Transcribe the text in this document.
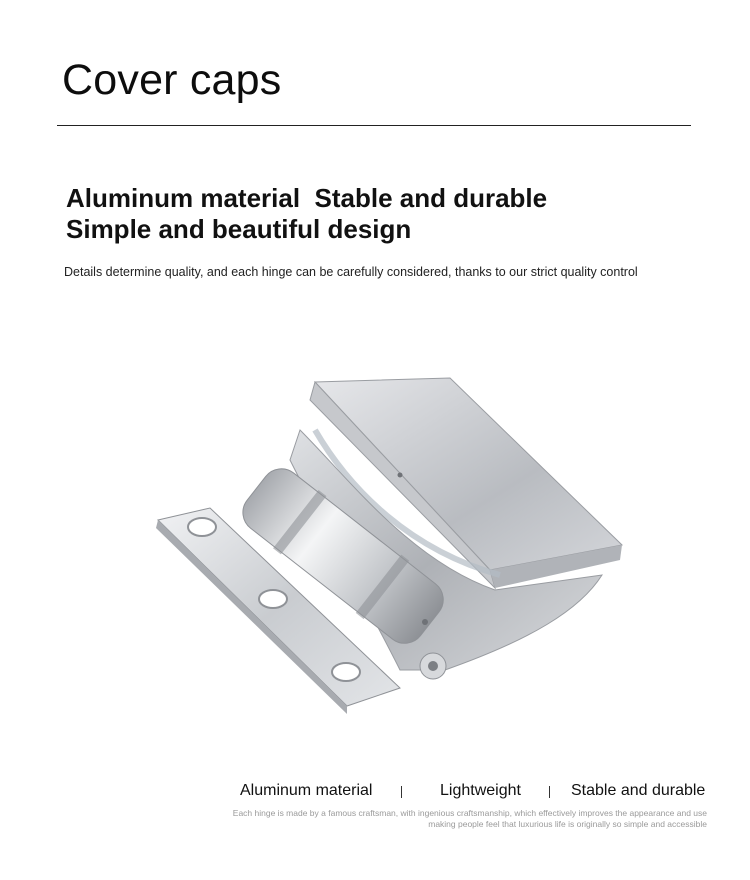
Cover caps
Aluminum material  Stable and durable
Simple and beautiful design

Details determine quality, and each hinge can be carefully considered, thanks to our strict quality control

Aluminum material	Lightweight	Stable and durable

Each hinge is made by a famous craftsman, with ingenious craftsmanship, which effectively improves the appearance and use

making people feel that luxurious life is originally so simple and accessible
